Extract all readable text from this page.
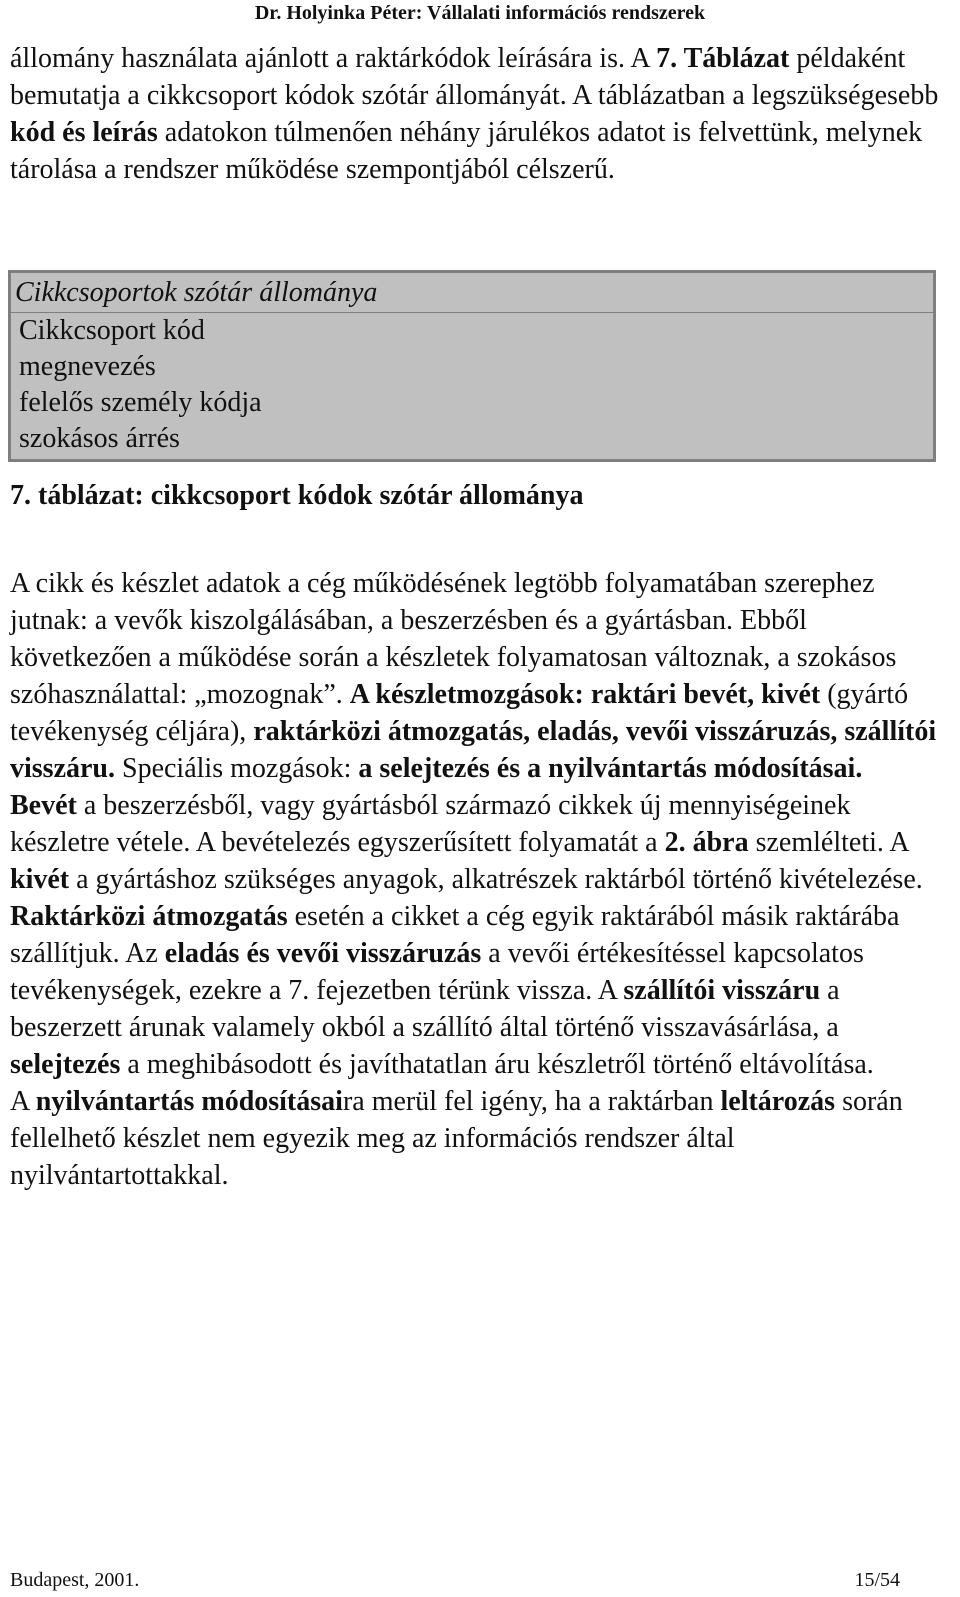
Dr. Holyinka Péter: Vállalati információs rendszerek
állomány használata ajánlott a raktárkódok leírására is. A 7. Táblázat példaként bemutatja a cikkcsoport kódok szótár állományát. A táblázatban a legszükségesebb kód és leírás adatokon túlmenően néhány járulékos adatot is felvettünk, melynek tárolása a rendszer működése szempontjából célszerű.
Cikkcsoportok szótár állománya
Cikkcsoport kód
megnevezés
felelős személy kódja
szokásos árrés
7. táblázat: cikkcsoport kódok szótár állománya

A cikk és készlet adatok a cég működésének legtöbb folyamatában szerephez jutnak: a vevők kiszolgálásában, a beszerzésben és a gyártásban. Ebből következően a működése során a készletek folyamatosan változnak, a szokásos szóhasználattal: „mozognak”. A készletmozgások: raktári bevét, kivét (gyártó tevékenység céljára), raktárközi átmozgatás, eladás, vevői visszáruzás, szállítói visszáru. Speciális mozgások: a selejtezés és a nyilvántartás módosításai.

Bevét a beszerzésből, vagy gyártásból származó cikkek új mennyiségeinek készletre vétele. A bevételezés egyszerűsített folyamatát a 2. ábra szemlélteti. A kivét a gyártáshoz szükséges anyagok, alkatrészek raktárból történő kivételezése. Raktárközi átmozgatás esetén a cikket a cég egyik raktárából másik raktárába szállítjuk. Az eladás és vevői visszáruzás a vevői értékesítéssel kapcsolatos tevékenységek, ezekre a 7. fejezetben térünk vissza. A szállítói visszáru a beszerzett árunak valamely okból a szállító által történő visszavásárlása, a selejtezés a meghibásodott és javíthatatlan áru készletről történő eltávolítása.

A nyilvántartás módosításaira merül fel igény, ha a raktárban leltározás során fellelhető készlet nem egyezik meg az információs rendszer által nyilvántartottakkal.

Budapest, 2001.	15/54
